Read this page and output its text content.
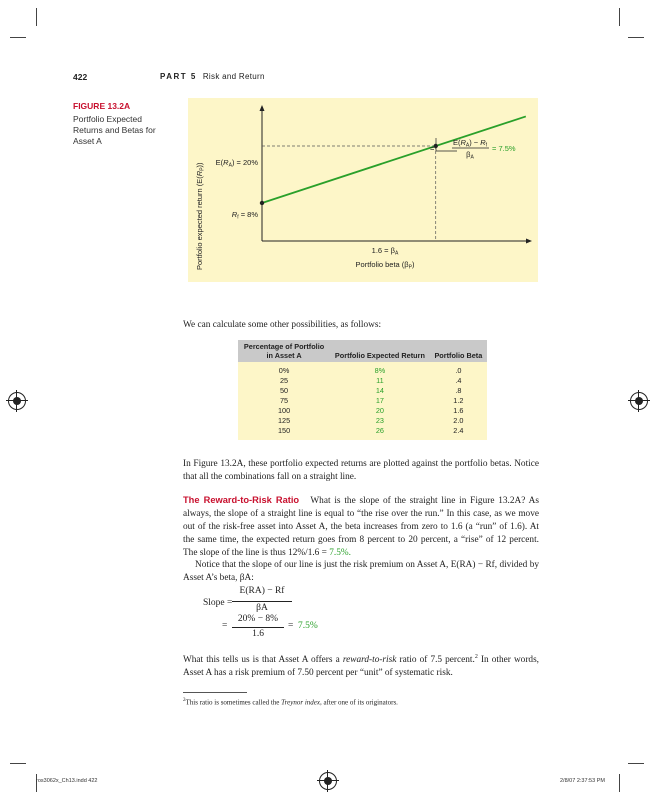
422	PART 5 Risk and Return
FIGURE 13.2A
Portfolio Expected Returns and Betas for Asset A
Portfolio expected return $(E(R_P)) E(R_A) = 20\%$
$R_f = 8\%$
$1.6 = \beta_A$
Portfolio beta $(\beta_P)$
=
$E(R_A) - R_f$
$\beta_A$
= 7.5%
We can calculate some other possibilities, as follows:
Percentage of Portfolio in Asset A	Portfolio Expected Return	Portfolio Beta
0%	8%	.0
25	11	.4
50	14	.8
75	17	1.2
100	20	1.6
125	23	2.0
150	26	2.4
In Figure 13.2A, these portfolio expected returns are plotted against the portfolio betas. Notice that all the combinations fall on a straight line.
The Reward-to-Risk Ratio What is the slope of the straight line in Figure 13.2A? As always, the slope of a straight line is equal to “the rise over the run.” In this case, as we move out of the risk-free asset into Asset A, the beta increases from zero to 1.6 (a “run” of 1.6). At the same time, the expected return goes from 8 percent to 20 percent, a “rise” of 12 percent. The slope of the line is thus 12%/1.6 = 7.5%.
Notice that the slope of our line is just the risk premium on Asset A, E(RA) − Rf, divided by Asset A’s beta, βA:
Slope =
E(RA) − Rf
βA
=
20% − 8%
1.6
= 7.5%
What this tells us is that Asset A offers a reward-to-risk ratio of 7.5 percent.$^2$ In other words, Asset A has a risk premium of 7.50 percent per “unit” of systematic risk.
$^2$This ratio is sometimes called the Treynor index, after one of its originators.
ros3062x_Ch13.indd 422	2/8/07 2:37:53 PM
